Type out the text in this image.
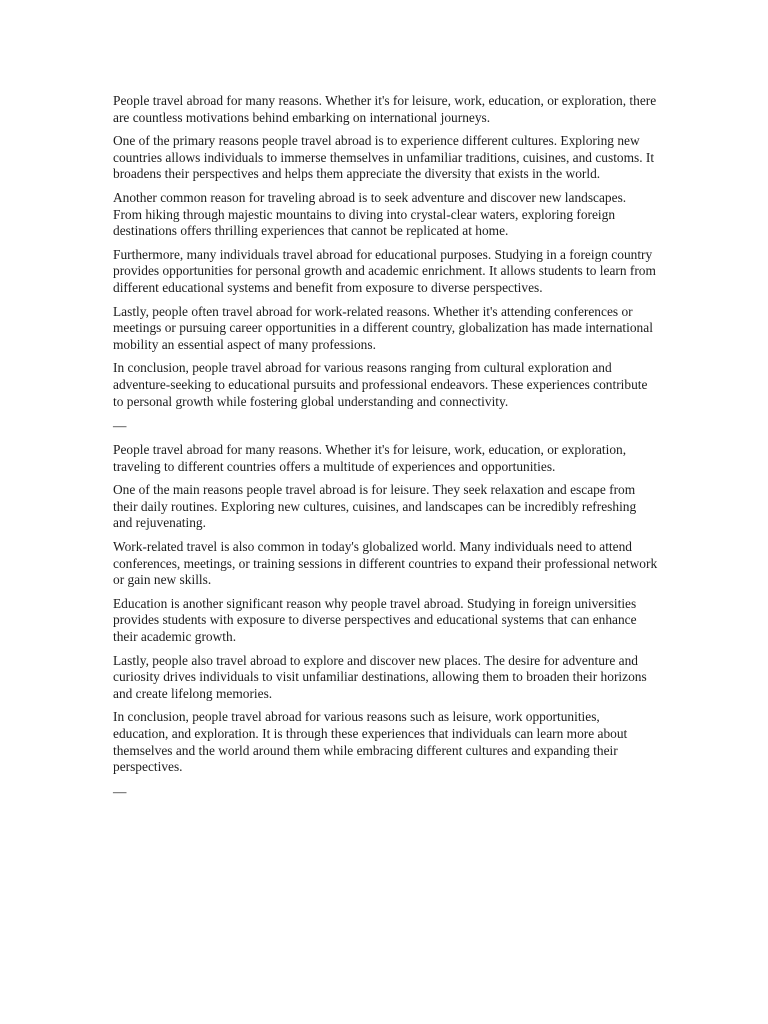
People travel abroad for many reasons. Whether it's for leisure, work, education, or exploration, there are countless motivations behind embarking on international journeys.

One of the primary reasons people travel abroad is to experience different cultures. Exploring new countries allows individuals to immerse themselves in unfamiliar traditions, cuisines, and customs. It broadens their perspectives and helps them appreciate the diversity that exists in the world.

Another common reason for traveling abroad is to seek adventure and discover new landscapes. From hiking through majestic mountains to diving into crystal-clear waters, exploring foreign destinations offers thrilling experiences that cannot be replicated at home.

Furthermore, many individuals travel abroad for educational purposes. Studying in a foreign country provides opportunities for personal growth and academic enrichment. It allows students to learn from different educational systems and benefit from exposure to diverse perspectives.

Lastly, people often travel abroad for work-related reasons. Whether it's attending conferences or meetings or pursuing career opportunities in a different country, globalization has made international mobility an essential aspect of many professions.

In conclusion, people travel abroad for various reasons ranging from cultural exploration and adventure-seeking to educational pursuits and professional endeavors. These experiences contribute to personal growth while fostering global understanding and connectivity.

—

People travel abroad for many reasons. Whether it's for leisure, work, education, or exploration, traveling to different countries offers a multitude of experiences and opportunities.

One of the main reasons people travel abroad is for leisure. They seek relaxation and escape from their daily routines. Exploring new cultures, cuisines, and landscapes can be incredibly refreshing and rejuvenating.

Work-related travel is also common in today's globalized world. Many individuals need to attend conferences, meetings, or training sessions in different countries to expand their professional network or gain new skills.

Education is another significant reason why people travel abroad. Studying in foreign universities provides students with exposure to diverse perspectives and educational systems that can enhance their academic growth.

Lastly, people also travel abroad to explore and discover new places. The desire for adventure and curiosity drives individuals to visit unfamiliar destinations, allowing them to broaden their horizons and create lifelong memories.

In conclusion, people travel abroad for various reasons such as leisure, work opportunities, education, and exploration. It is through these experiences that individuals can learn more about themselves and the world around them while embracing different cultures and expanding their perspectives.

—
